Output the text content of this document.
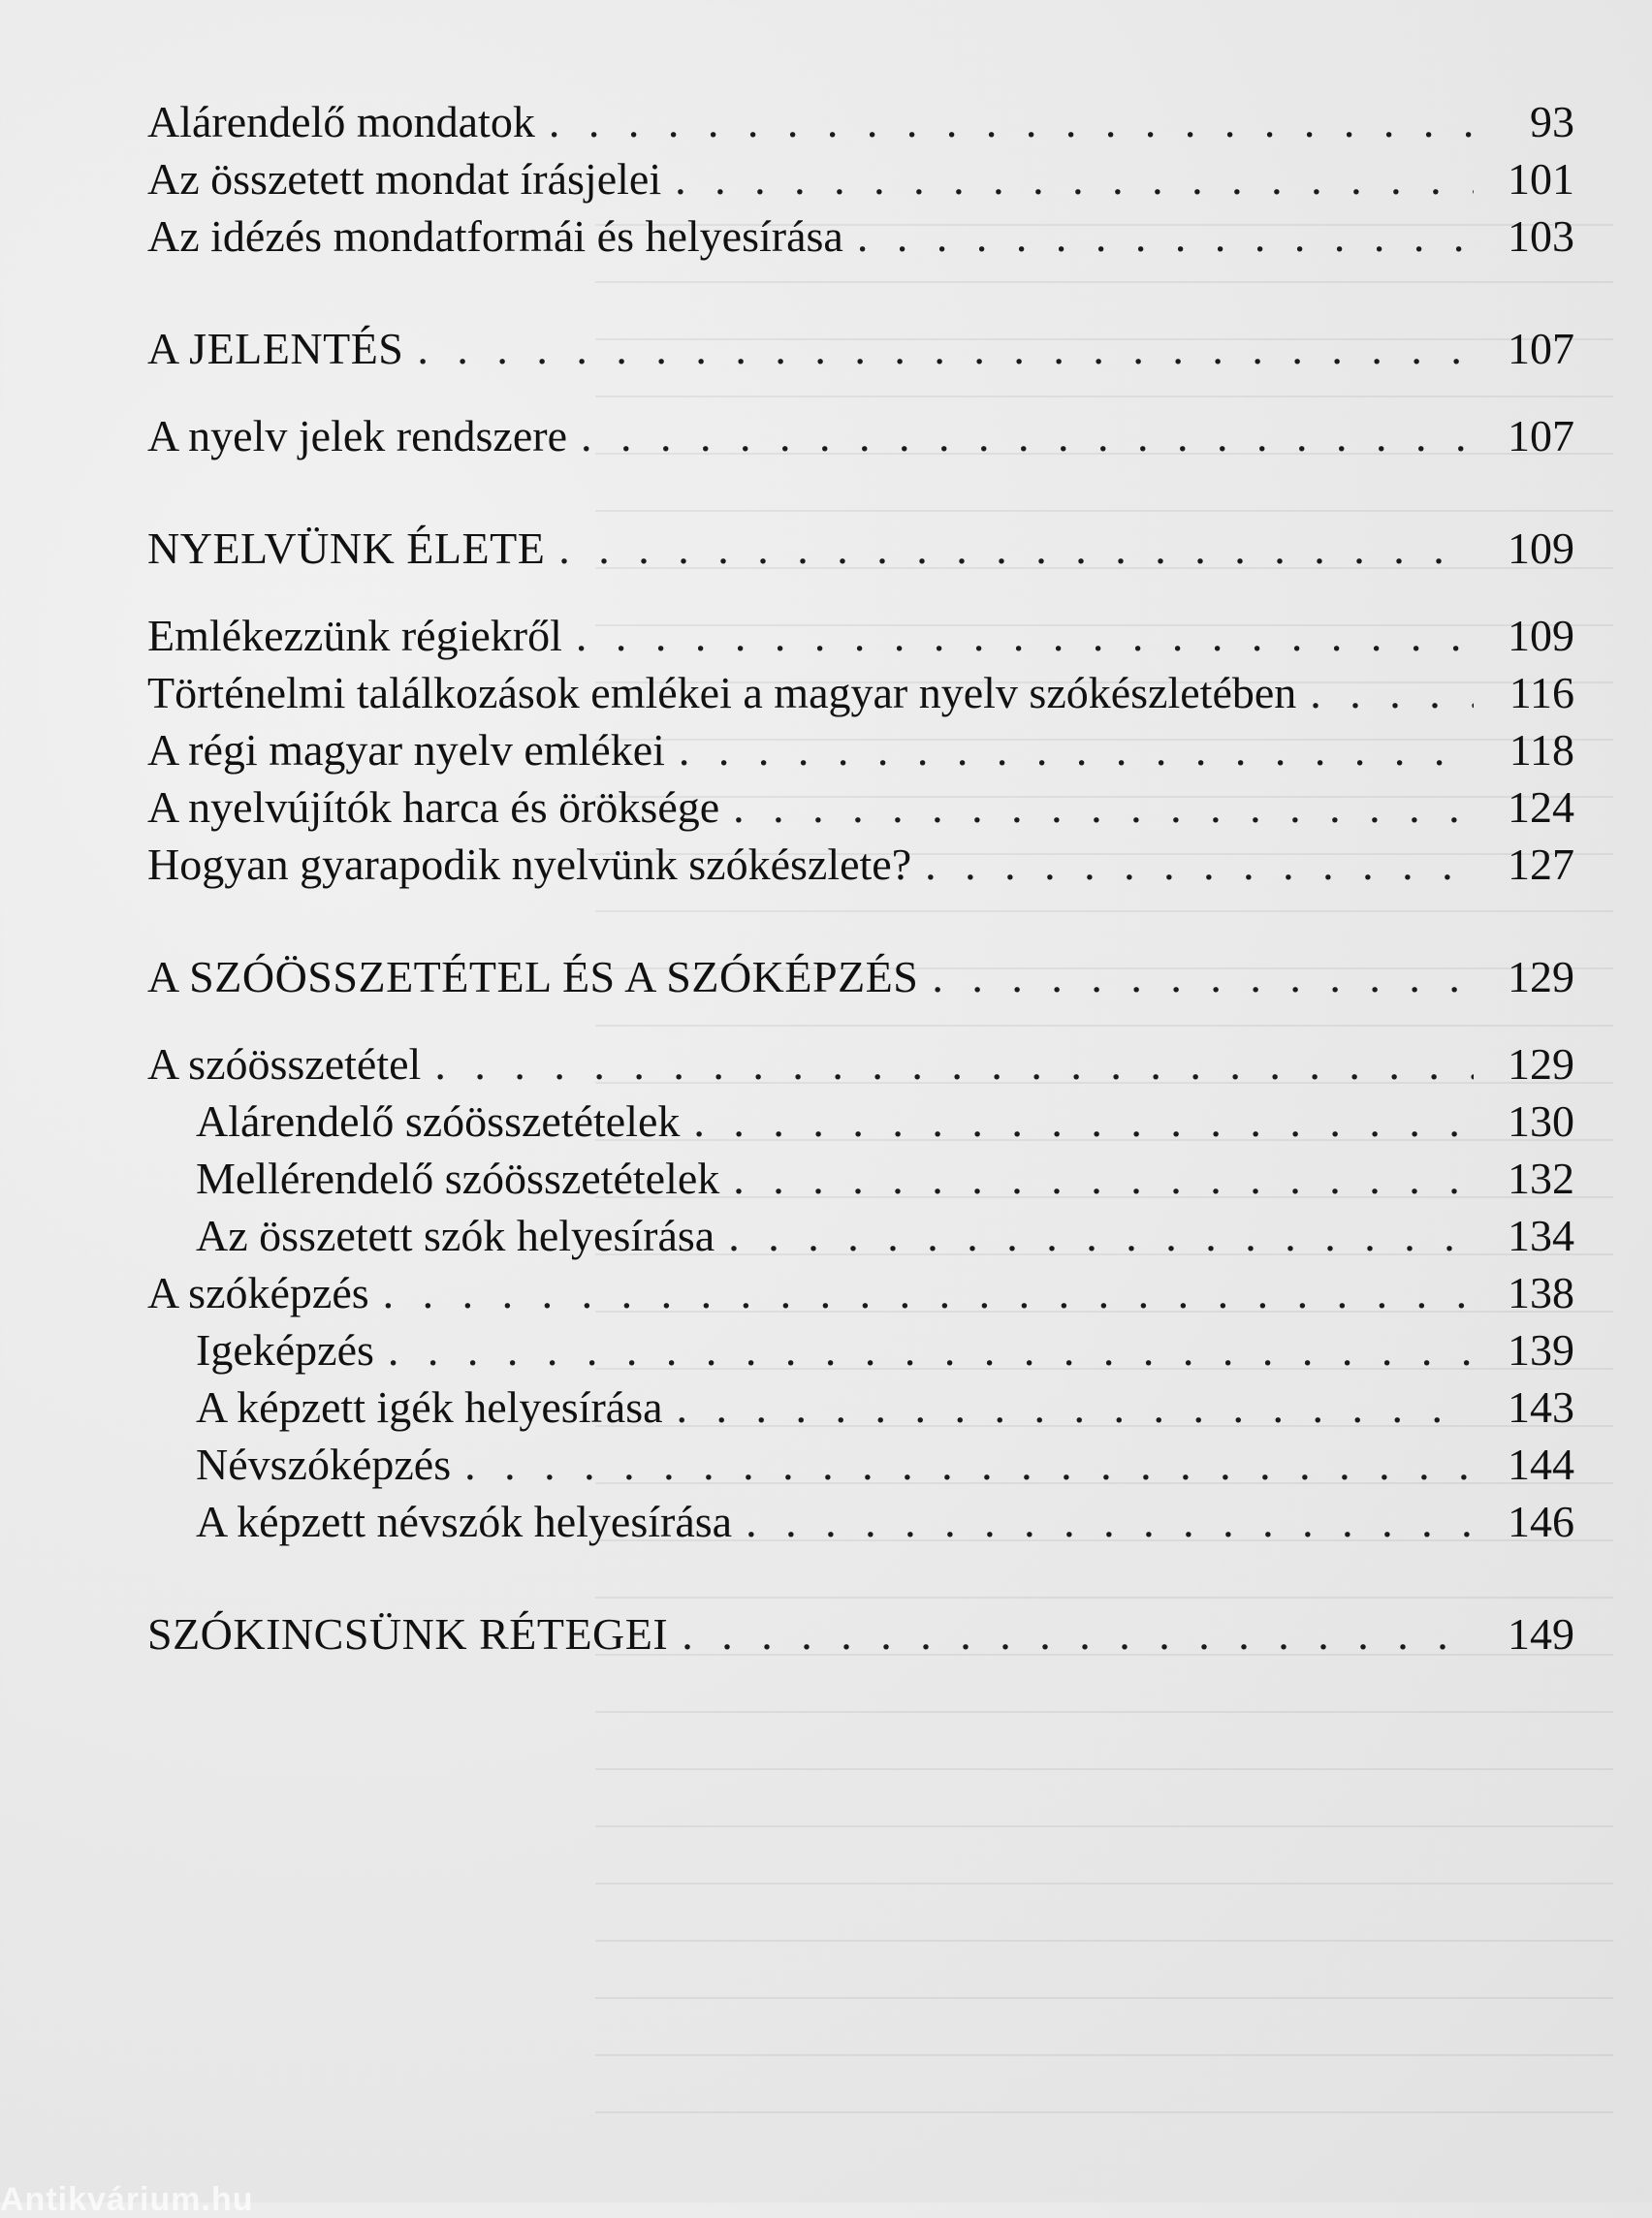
Alárendelő mondatok . . .	93
Az összetett mondat írásjelei . . .	101
Az idézés mondatformái és helyesírása . . .	103
A JELENTÉS . . .	107
A nyelv jelek rendszere . . .	107
NYELVÜNK ÉLETE . . .	109
Emlékezzünk régiekről . . .	109
Történelmi találkozások emlékei a magyar nyelv szókészletében . . .	116
A régi magyar nyelv emlékei . . .	118
A nyelvújítók harca és öröksége . . .	124
Hogyan gyarapodik nyelvünk szókészlete? . . .	127
A SZÓÖSSZETÉTEL ÉS A SZÓKÉPZÉS . . .	129
A szóösszetétel . . .	129
Alárendelő szóösszetételek . . .	130
Mellérendelő szóösszetételek . . .	132
Az összetett szók helyesírása . . .	134
A szóképzés . . .	138
Igeképzés . . .	139
A képzett igék helyesírása . . .	143
Névszóképzés . . .	144
A képzett névszók helyesírása . . .	146
SZÓKINCSÜNK RÉTEGEI . . .	149
Antikvárium.hu
